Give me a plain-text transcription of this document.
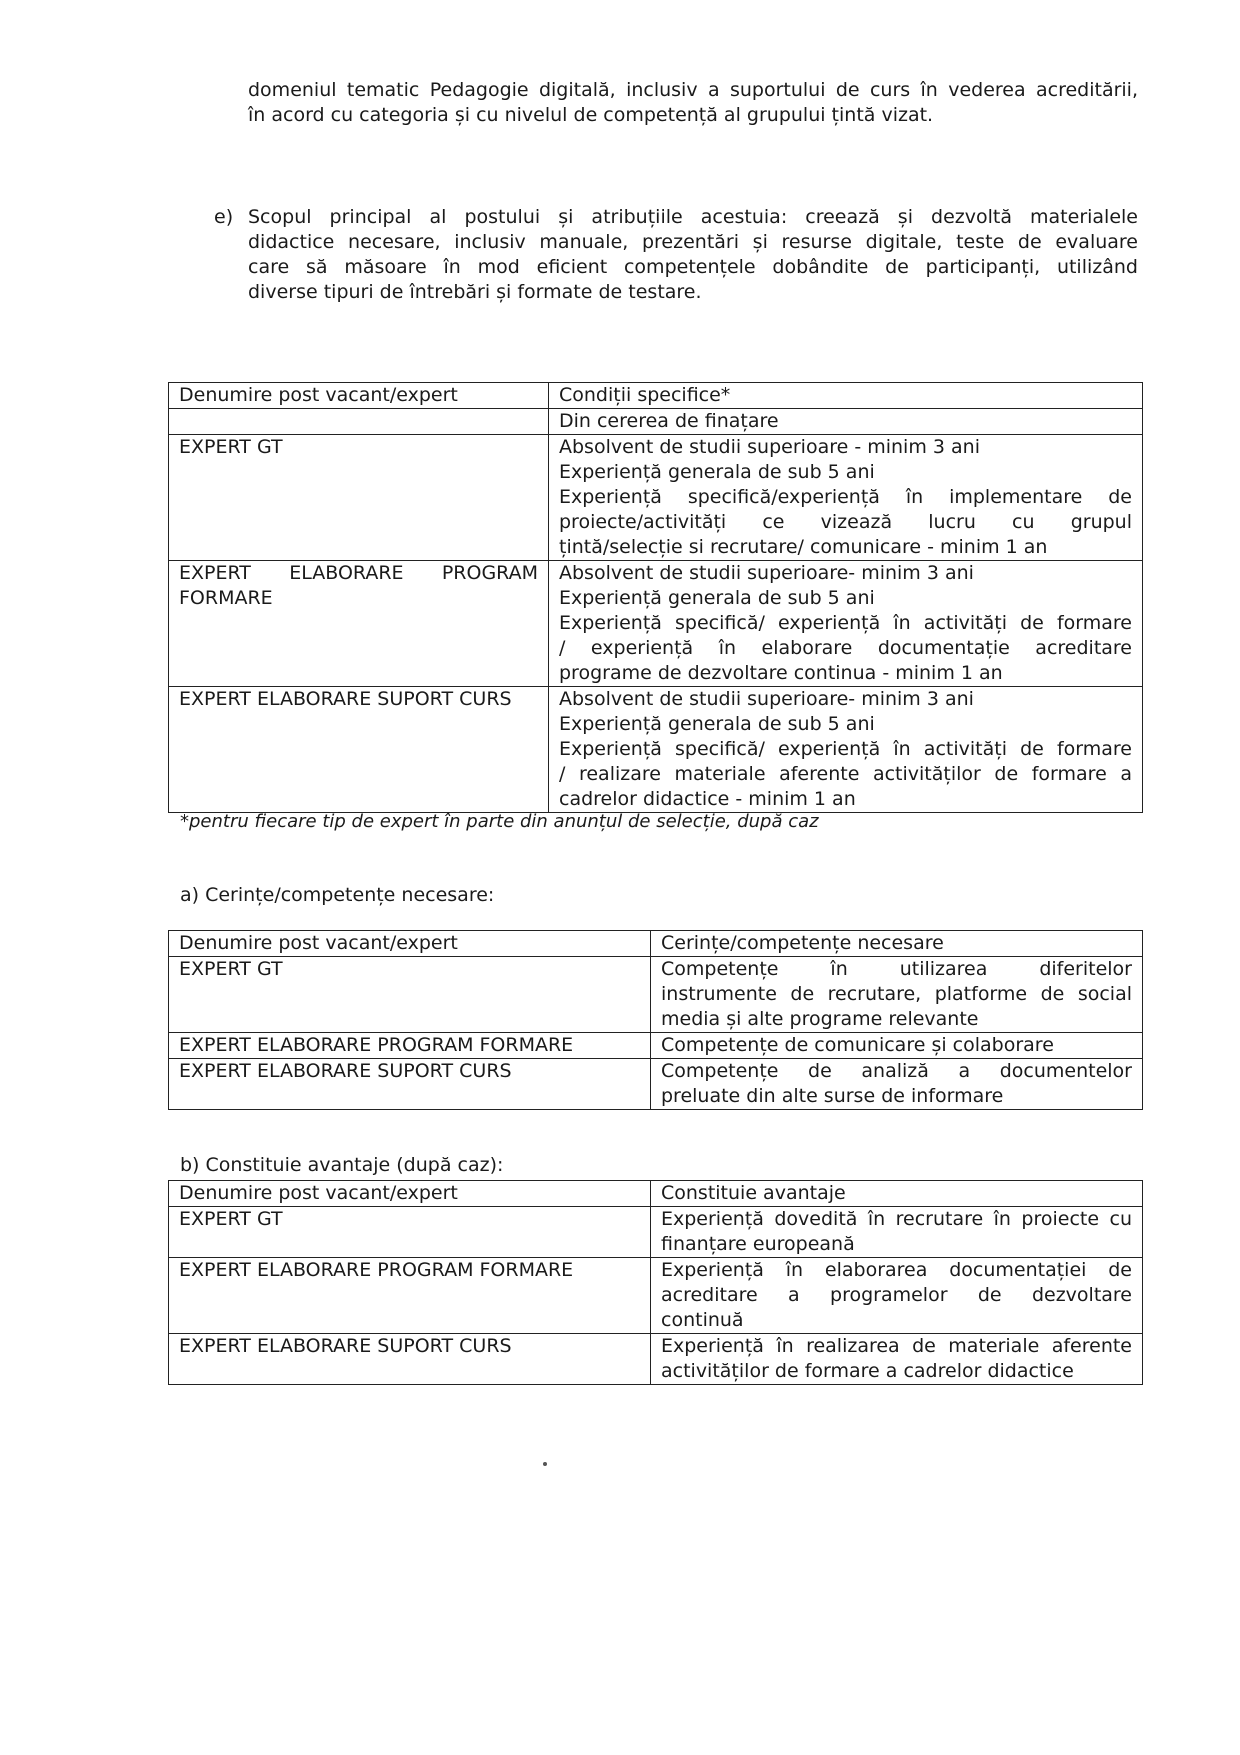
domeniul tematic Pedagogie digitală, inclusiv a suportului de curs în vederea acreditării,
în acord cu categoria și cu nivelul de competență al grupului țintă vizat.
e) Scopul principal al postului și atribuțiile acestuia: creează și dezvoltă materialele
didactice necesare, inclusiv manuale, prezentări și resurse digitale, teste de evaluare
care să măsoare în mod eficient competențele dobândite de participanți, utilizând
diverse tipuri de întrebări și formate de testare.
Denumire post vacant/expert	Condiții specifice*
	Din cererea de finațare

EXPERT GT	Absolvent de studii superioare - minim 3 ani
Experiență generala de sub 5 ani
Experiență specifică/experiență în implementare de
proiecte/activități ce vizează lucru cu grupul
țintă/selecție si recrutare/ comunicare - minim 1 an

EXPERT ELABORARE PROGRAM
FORMARE	Absolvent de studii superioare- minim 3 ani
Experiență generala de sub 5 ani
Experiență specifică/ experiență în activități de formare
/ experiență în elaborare documentație acreditare
programe de dezvoltare continua - minim 1 an

EXPERT ELABORARE SUPORT CURS	Absolvent de studii superioare- minim 3 ani
Experiență generala de sub 5 ani
Experiență specifică/ experiență în activități de formare
/ realizare materiale aferente activităților de formare a
cadrelor didactice - minim 1 an

*pentru fiecare tip de expert în parte din anunțul de selecție, după caz

a) Cerințe/competențe necesare:

Denumire post vacant/expert	Cerințe/competențe necesare
EXPERT GT	Competențe în utilizarea diferitelor
instrumente de recrutare, platforme de social
media și alte programe relevante

EXPERT ELABORARE PROGRAM FORMARE	Competențe de comunicare și colaborare

EXPERT ELABORARE SUPORT CURS	Competențe de analiză a documentelor
preluate din alte surse de informare

b) Constituie avantaje (după caz):

Denumire post vacant/expert	Constituie avantaje
EXPERT GT	Experiență dovedită în recrutare în proiecte cu
finanțare europeană

EXPERT ELABORARE PROGRAM FORMARE	Experiență în elaborarea documentației de
acreditare a programelor de dezvoltare
continuă

EXPERT ELABORARE SUPORT CURS	Experiență în realizarea de materiale aferente
activităților de formare a cadrelor didactice
